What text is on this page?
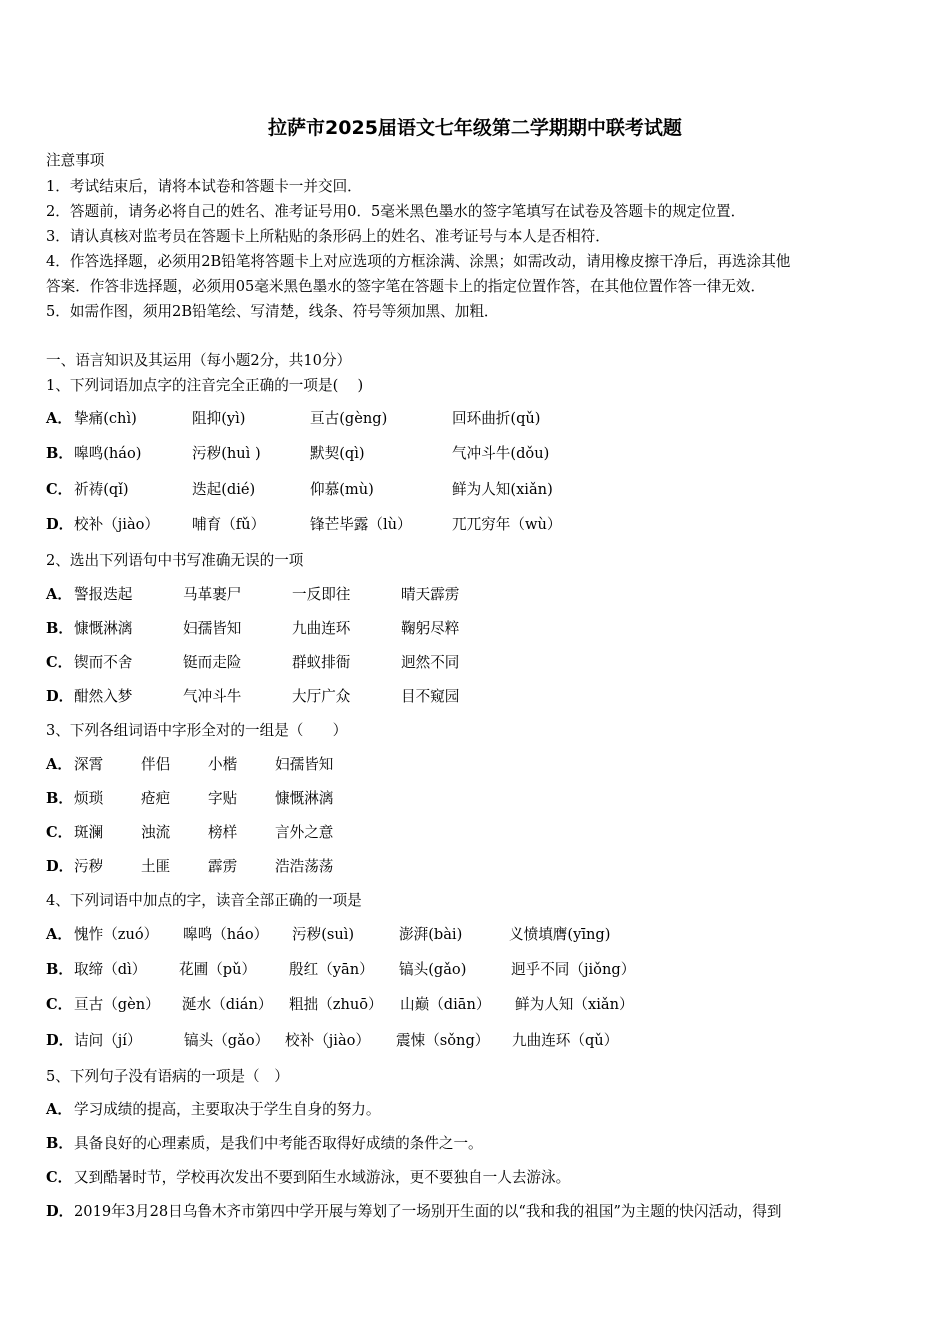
拉萨市2025届语文七年级第二学期期中联考试题
注意事项
1．考试结束后，请将本试卷和答题卡一并交回．
2．答题前，请务必将自己的姓名、准考证号用0．5毫米黑色墨水的签字笔填写在试卷及答题卡的规定位置．
3．请认真核对监考员在答题卡上所粘贴的条形码上的姓名、准考证号与本人是否相符．
4．作答选择题，必须用2B铅笔将答题卡上对应选项的方框涂满、涂黑；如需改动，请用橡皮擦干净后，再选涂其他
答案．作答非选择题，必须用05毫米黑色墨水的签字笔在答题卡上的指定位置作答，在其他位置作答一律无效．
5．如需作图，须用2B铅笔绘、写清楚，线条、符号等须加黑、加粗．
一、语言知识及其运用（每小题2分，共10分）
1、下列词语加点字的注音完全正确的一项是(　 )
A． 挚痛(chì)	阻抑(yì)	亘古(gèng)	回环曲折(qǔ)
B． 嗥鸣(háo)	污秽(huì )	默契(qì)	气冲斗牛(dǒu)
C． 祈祷(qǐ)	迭起(dié)	仰慕(mù)	鲜为人知(xiǎn)
D． 校补（jiào） 哺育（fǔ）	锋芒毕露（lù）	兀兀穷年（wù）
2、选出下列语句中书写准确无误的一项
A． 警报迭起	马革裹尸	一反即往	晴天霹雳
B． 慷慨淋漓	妇孺皆知	九曲连环	鞠躬尽粹
C． 锲而不舍	铤而走险	群蚁排衙	迥然不同
D． 酣然入梦	气冲斗牛	大厅广众	目不窥园
3、下列各组词语中字形全对的一组是（　　）
A． 深霄	伴侣	小楷	妇孺皆知
B． 烦琐	疮疤	字贴	慷慨淋漓
C． 斑澜	浊流	榜样	言外之意
D． 污秽	土匪	霹雳	浩浩荡荡
4、下列词语中加点的字，读音全部正确的一项是
A． 愧怍（zuó） 嗥鸣（háo） 污秽(suì)	澎湃(bài)	义愤填膺(yīng)
B． 取缔（dì） 花圃（pǔ） 殷红（yān） 镐头(gǎo)	迥乎不同（jiǒng）
C． 亘古（gèn） 涎水（dián） 粗拙（zhuō） 山巅（diān） 鲜为人知（xiǎn）
D． 诘问（jí）	镐头（gǎo） 校补（jiào） 震悚（sǒng） 九曲连环（qǔ）
5、下列句子没有语病的一项是（　）
A． 学习成绩的提高，主要取决于学生自身的努力。
B． 具备良好的心理素质，是我们中考能否取得好成绩的条件之一。
C． 又到酷暑时节，学校再次发出不要到陌生水域游泳，更不要独自一人去游泳。
D． 2019年3月28日乌鲁木齐市第四中学开展与筹划了一场别开生面的以“我和我的祖国”为主题的快闪活动，得到
